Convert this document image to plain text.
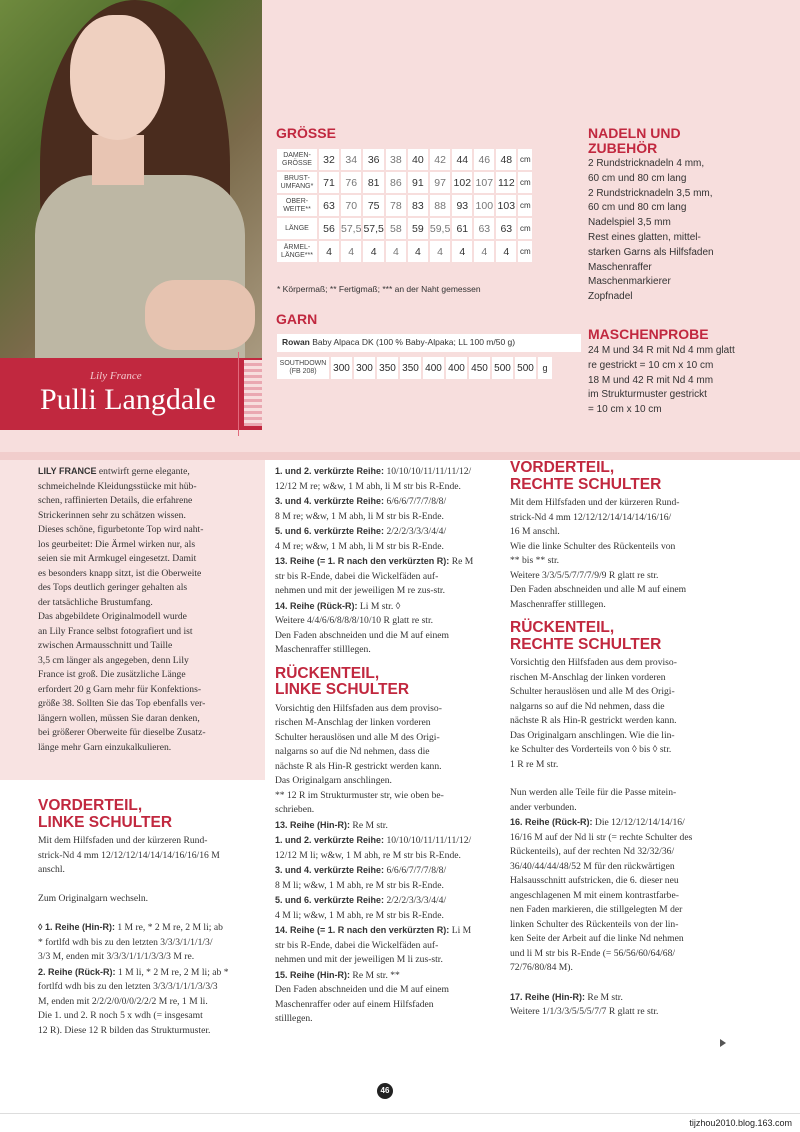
Lily France
Pulli Langdale
GRÖSSE
DAMEN-GRÖSSE	32	34	36	38	40	42	44	46	48	cm
BRUST-UMFANG*	71	76	81	86	91	97	102	107	112	cm
OBER-WEITE**	63	70	75	78	83	88	93	100	103	cm
LÄNGE	56	57,5	57,5	58	59	59,5	61	63	63	cm
ÄRMEL-LÄNGE***	4	4	4	4	4	4	4	4	4	cm
* Körpermaß; ** Fertigmaß; *** an der Naht gemessen
GARN
Rowan Baby Alpaca DK (100 % Baby-Alpaka; LL 100 m/50 g)
SOUTHDOWN (FB 208)	300	300	350	350	400	400	450	500	500	g
NADELN UND ZUBEHÖR
2 Rundstricknadeln 4 mm,
60 cm und 80 cm lang
2 Rundstricknadeln 3,5 mm,
60 cm und 80 cm lang
Nadelspiel 3,5 mm
Rest eines glatten, mittel-
starken Garns als Hilfsfaden
Maschenraffer
Maschenmarkierer
Zopfnadel
MASCHENPROBE
24 M und 34 R mit Nd 4 mm glatt
re gestrickt = 10 cm x 10 cm
18 M und 42 R mit Nd 4 mm
im Strukturmuster gestrickt
= 10 cm x 10 cm

LILY FRANCE entwirft gerne elegante,

schmeichelnde Kleidungsstücke mit hüb-
schen, raffinierten Details, die erfahrene
Strickerinnen sehr zu schätzen wissen.
Dieses schöne, figurbetonte Top wird naht-
los geurbeitet: Die Ärmel wirken nur, als
seien sie mit Armkugel eingesetzt. Damit
es besonders knapp sitzt, ist die Oberweite
des Tops deutlich geringer gehalten als
der tatsächliche Brustumfang.
Das abgebildete Originalmodell wurde
an Lily France selbst fotografiert und ist
zwischen Armausschnitt und Taille
3,5 cm länger als angegeben, denn Lily
France ist groß. Die zusätzliche Länge
erfordert 20 g Garn mehr für Konfektions-
größe 38. Sollten Sie das Top ebenfalls ver-
längern wollen, müssen Sie daran denken,
bei größerer Oberweite für dieselbe Zusatz-
länge mehr Garn einzukalkulieren.
VORDERTEIL,
LINKE SCHULTER
Mit dem Hilfsfaden und der kürzeren Rund-
strick-Nd 4 mm 12/12/12/14/14/14/16/16/16 M
anschl.

Zum Originalgarn wechseln.

◊ 1. Reihe (Hin-R): 1 M re, * 2 M re, 2 M li; ab
* fortlfd wdh bis zu den letzten 3/3/3/1/1/1/3/
3/3 M, enden mit 3/3/3/1/1/1/3/3/3 M re.
2. Reihe (Rück-R): 1 M li, * 2 M re, 2 M li; ab *
fortlfd wdh bis zu den letzten 3/3/3/1/1/1/3/3/3
M, enden mit 2/2/2/0/0/0/2/2/2 M re, 1 M li.
Die 1. und 2. R noch 5 x wdh (= insgesamt
12 R). Diese 12 R bilden das Strukturmuster.
1. und 2. verkürzte Reihe: 10/10/10/11/11/11/12/
12/12 M re; w&w, 1 M abh, li M str bis R-Ende.
3. und 4. verkürzte Reihe: 6/6/6/7/7/7/8/8/
8 M re; w&w, 1 M abh, li M str bis R-Ende.
5. und 6. verkürzte Reihe: 2/2/2/3/3/3/4/4/
4 M re; w&w, 1 M abh, li M str bis R-Ende.
13. Reihe (= 1. R nach den verkürzten R): Re M
str bis R-Ende, dabei die Wickelfäden auf-
nehmen und mit der jeweiligen M re zus-str.
14. Reihe (Rück-R): Li M str. ◊
Weitere 4/4/6/6/8/8/8/10/10 R glatt re str.
Den Faden abschneiden und die M auf einem
Maschenraffer stilllegen.
RÜCKENTEIL,
LINKE SCHULTER
Vorsichtig den Hilfsfaden aus dem proviso-
rischen M-Anschlag der linken vorderen
Schulter herauslösen und alle M des Origi-
nalgarns so auf die Nd nehmen, dass die
nächste R als Hin-R gestrickt werden kann.
Das Originalgarn anschlingen.
** 12 R im Strukturmuster str, wie oben be-
schrieben.
13. Reihe (Hin-R): Re M str.
1. und 2. verkürzte Reihe: 10/10/10/11/11/11/12/
12/12 M li; w&w, 1 M abh, re M str bis R-Ende.
3. und 4. verkürzte Reihe: 6/6/6/7/7/7/8/8/
8 M li; w&w, 1 M abh, re M str bis R-Ende.
5. und 6. verkürzte Reihe: 2/2/2/3/3/3/4/4/
4 M li; w&w, 1 M abh, re M str bis R-Ende.
14. Reihe (= 1. R nach den verkürzten R): Li M
str bis R-Ende, dabei die Wickelfäden auf-
nehmen und mit der jeweiligen M li zus-str.
15. Reihe (Hin-R): Re M str. **
Den Faden abschneiden und die M auf einem
Maschenraffer oder auf einem Hilfsfaden
stilllegen.
VORDERTEIL,
RECHTE SCHULTER
Mit dem Hilfsfaden und der kürzeren Rund-
strick-Nd 4 mm 12/12/12/14/14/14/16/16/
16 M anschl.
Wie die linke Schulter des Rückenteils von
** bis ** str.
Weitere 3/3/5/5/7/7/7/9/9 R glatt re str.
Den Faden abschneiden und alle M auf einem
Maschenraffer stilllegen.
RÜCKENTEIL,
RECHTE SCHULTER
Vorsichtig den Hilfsfaden aus dem proviso-
rischen M-Anschlag der linken vorderen
Schulter herauslösen und alle M des Origi-
nalgarns so auf die Nd nehmen, dass die
nächste R als Hin-R gestrickt werden kann.
Das Originalgarn anschlingen. Wie die lin-
ke Schulter des Vorderteils von ◊ bis ◊ str.
1 R re M str.
Nun werden alle Teile für die Passe mitein-
ander verbunden.
16. Reihe (Rück-R): Die 12/12/12/14/14/16/
16/16 M auf der Nd li str (= rechte Schulter des
Rückenteils), auf der rechten Nd 32/32/36/
36/40/44/44/48/52 M für den rückwärtigen
Halsausschnitt aufstricken, die 6. dieser neu
angeschlagenen M mit einem kontrastfarbe-
nen Faden markieren, die stillgelegten M der
linken Schulter des Rückenteils von der lin-
ken Seite der Arbeit auf die linke Nd nehmen
und li M str bis R-Ende (= 56/56/60/64/68/
72/76/80/84 M).
17. Reihe (Hin-R): Re M str.
Weitere 1/1/3/3/5/5/5/7/7 R glatt re str.
46
tijzhou2010.blog.163.com
